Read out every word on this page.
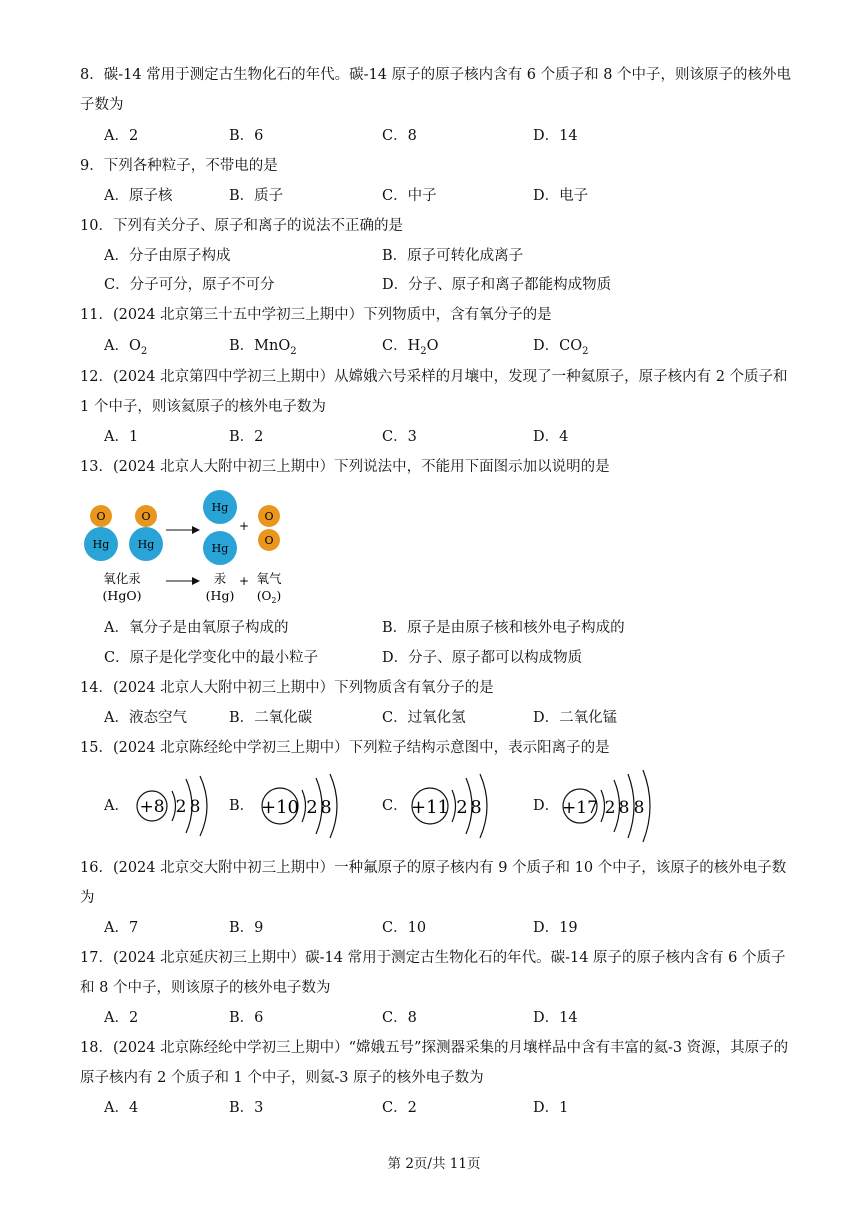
8．碳-14 常用于测定古生物化石的年代。碳-14 原子的原子核内含有 6 个质子和 8 个中子，则该原子的核外电子数为
A．2	B．6	C．8	D．14
9．下列各种粒子，不带电的是
A．原子核	B．质子	C．中子	D．电子
10．下列有关分子、原子和离子的说法不正确的是
A．分子由原子构成	B．原子可转化成离子
C．分子可分，原子不可分	D．分子、原子和离子都能构成物质
11．(2024 北京第三十五中学初三上期中）下列物质中，含有氧分子的是
A．$O_2$	B．MnO$_2$	C．$H_2O$	D．$CO_2$
12．(2024 北京第四中学初三上期中）从嫦娥六号采样的月壤中，发现了一种氦原子，原子核内有 2 个质子和 1 个中子，则该氦原子的核外电子数为
A．1	B．2	C．3	D．4
13．(2024 北京人大附中初三上期中）下列说法中，不能用下面图示加以说明的是
O
Hg
O
Hg
Hg
Hg
+
O
O
氧化汞
(HgO)
汞
(Hg)
+ 氧气
$(O_2)$
A．氧分子是由氧原子构成的	B．原子是由原子核和核外电子构成的
C．原子是化学变化中的最小粒子	D．分子、原子都可以构成物质
14．(2024 北京人大附中初三上期中）下列物质含有氧分子的是
A．液态空气	B．二氧化碳	C．过氧化氢	D．二氧化锰
15．(2024 北京陈经纶中学初三上期中）下列粒子结构示意图中，表示阳离子的是
A． +8 2 8 B． +10 2 8	C． +11 2 8	D． +17 2 8 8
16．(2024 北京交大附中初三上期中）一种氟原子的原子核内有 9 个质子和 10 个中子，该原子的核外电子数为
A．7	B．9	C．10	D．19
17．(2024 北京延庆初三上期中）碳-14 常用于测定古生物化石的年代。碳-14 原子的原子核内含有 6 个质子和 8 个中子，则该原子的核外电子数为
A．2	B．6	C．8	D．14
18．(2024 北京陈经纶中学初三上期中）“嫦娥五号”探测器采集的月壤样品中含有丰富的氦-3 资源，其原子的原子核内有 2 个质子和 1 个中子，则氦-3 原子的核外电子数为
A．4	B．3	C．2	D．1
第 2页/共 11页
